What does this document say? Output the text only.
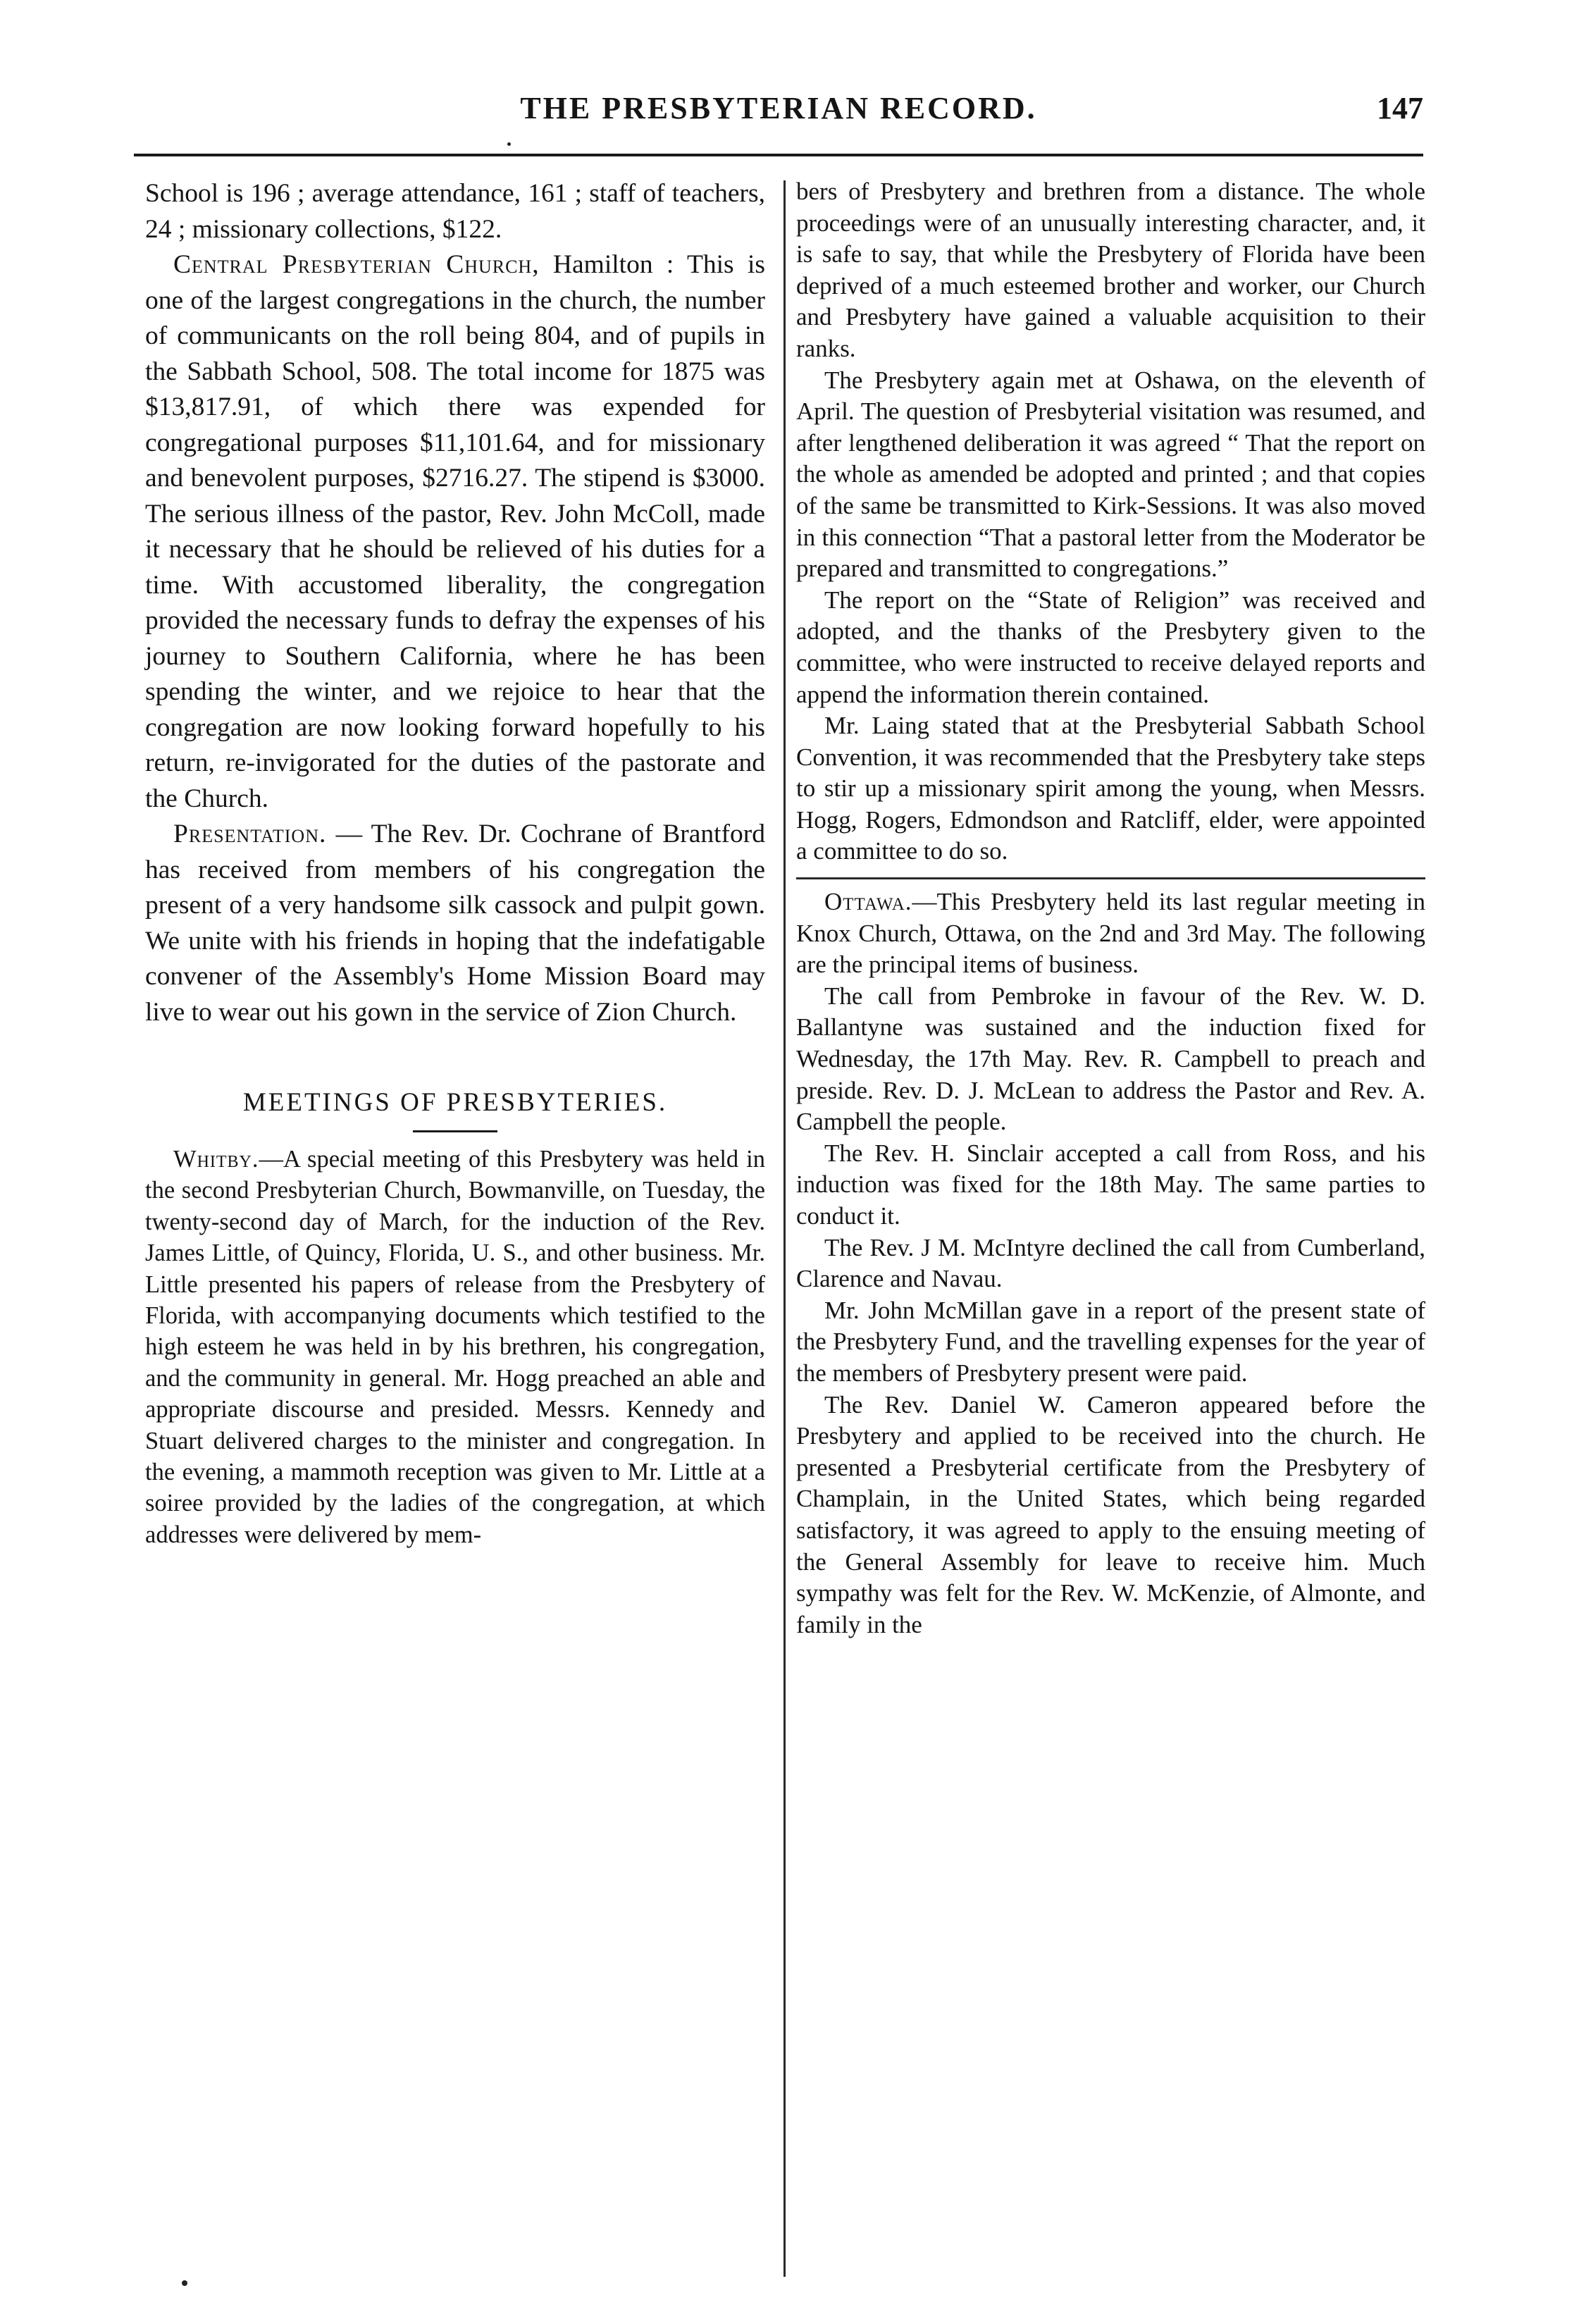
THE PRESBYTERIAN RECORD.	147

School is 196 ; average attendance, 161 ; staff of teachers, 24 ; missionary collections, $122.

Central Presbyterian Church, Hamilton : This is one of the largest congregations in the church, the number of communicants on the roll being 804, and of pupils in the Sabbath School, 508. The total income for 1875 was $13,817.91, of which there was expended for congregational purposes $11,101.64, and for missionary and benevolent purposes, $2716.27. The stipend is $3000. The serious illness of the pastor, Rev. John McColl, made it necessary that he should be relieved of his duties for a time. With accustomed liberality, the congregation provided the necessary funds to defray the expenses of his journey to Southern California, where he has been spending the winter, and we rejoice to hear that the congregation are now looking forward hopefully to his return, re-invigorated for the duties of the pastorate and the Church.

Presentation. — The Rev. Dr. Cochrane of Brantford has received from members of his congregation the present of a very handsome silk cassock and pulpit gown. We unite with his friends in hoping that the indefatigable convener of the Assembly's Home Mission Board may live to wear out his gown in the service of Zion Church.

MEETINGS OF PRESBYTERIES.

Whitby.—A special meeting of this Presbytery was held in the second Presbyterian Church, Bowmanville, on Tuesday, the twenty-second day of March, for the induction of the Rev. James Little, of Quincy, Florida, U. S., and other business. Mr. Little presented his papers of release from the Presbytery of Florida, with accompanying documents which testified to the high esteem he was held in by his brethren, his congregation, and the community in general. Mr. Hogg preached an able and appropriate discourse and presided. Messrs. Kennedy and Stuart delivered charges to the minister and congregation. In the evening, a mammoth reception was given to Mr. Little at a soiree provided by the ladies of the congregation, at which addresses were delivered by mem-

bers of Presbytery and brethren from a distance. The whole proceedings were of an unusually interesting character, and, it is safe to say, that while the Presbytery of Florida have been deprived of a much esteemed brother and worker, our Church and Presbytery have gained a valuable acquisition to their ranks.

The Presbytery again met at Oshawa, on the eleventh of April. The question of Presbyterial visitation was resumed, and after lengthened deliberation it was agreed “ That the report on the whole as amended be adopted and printed ; and that copies of the same be transmitted to Kirk-Sessions. It was also moved in this connection “That a pastoral letter from the Moderator be prepared and transmitted to congregations.”

The report on the “State of Religion” was received and adopted, and the thanks of the Presbytery given to the committee, who were instructed to receive delayed reports and append the information therein contained.

Mr. Laing stated that at the Presbyterial Sabbath School Convention, it was recommended that the Presbytery take steps to stir up a missionary spirit among the young, when Messrs. Hogg, Rogers, Edmondson and Ratcliff, elder, were appointed a committee to do so.

Ottawa.—This Presbytery held its last regular meeting in Knox Church, Ottawa, on the 2nd and 3rd May. The following are the principal items of business.

The call from Pembroke in favour of the Rev. W. D. Ballantyne was sustained and the induction fixed for Wednesday, the 17th May. Rev. R. Campbell to preach and preside. Rev. D. J. McLean to address the Pastor and Rev. A. Campbell the people.

The Rev. H. Sinclair accepted a call from Ross, and his induction was fixed for the 18th May. The same parties to conduct it.

The Rev. J M. McIntyre declined the call from Cumberland, Clarence and Navau.

Mr. John McMillan gave in a report of the present state of the Presbytery Fund, and the travelling expenses for the year of the members of Presbytery present were paid.

The Rev. Daniel W. Cameron appeared before the Presbytery and applied to be received into the church. He presented a Presbyterial certificate from the Presbytery of Champlain, in the United States, which being regarded satisfactory, it was agreed to apply to the ensuing meeting of the General Assembly for leave to receive him. Much sympathy was felt for the Rev. W. McKenzie, of Almonte, and family in the
